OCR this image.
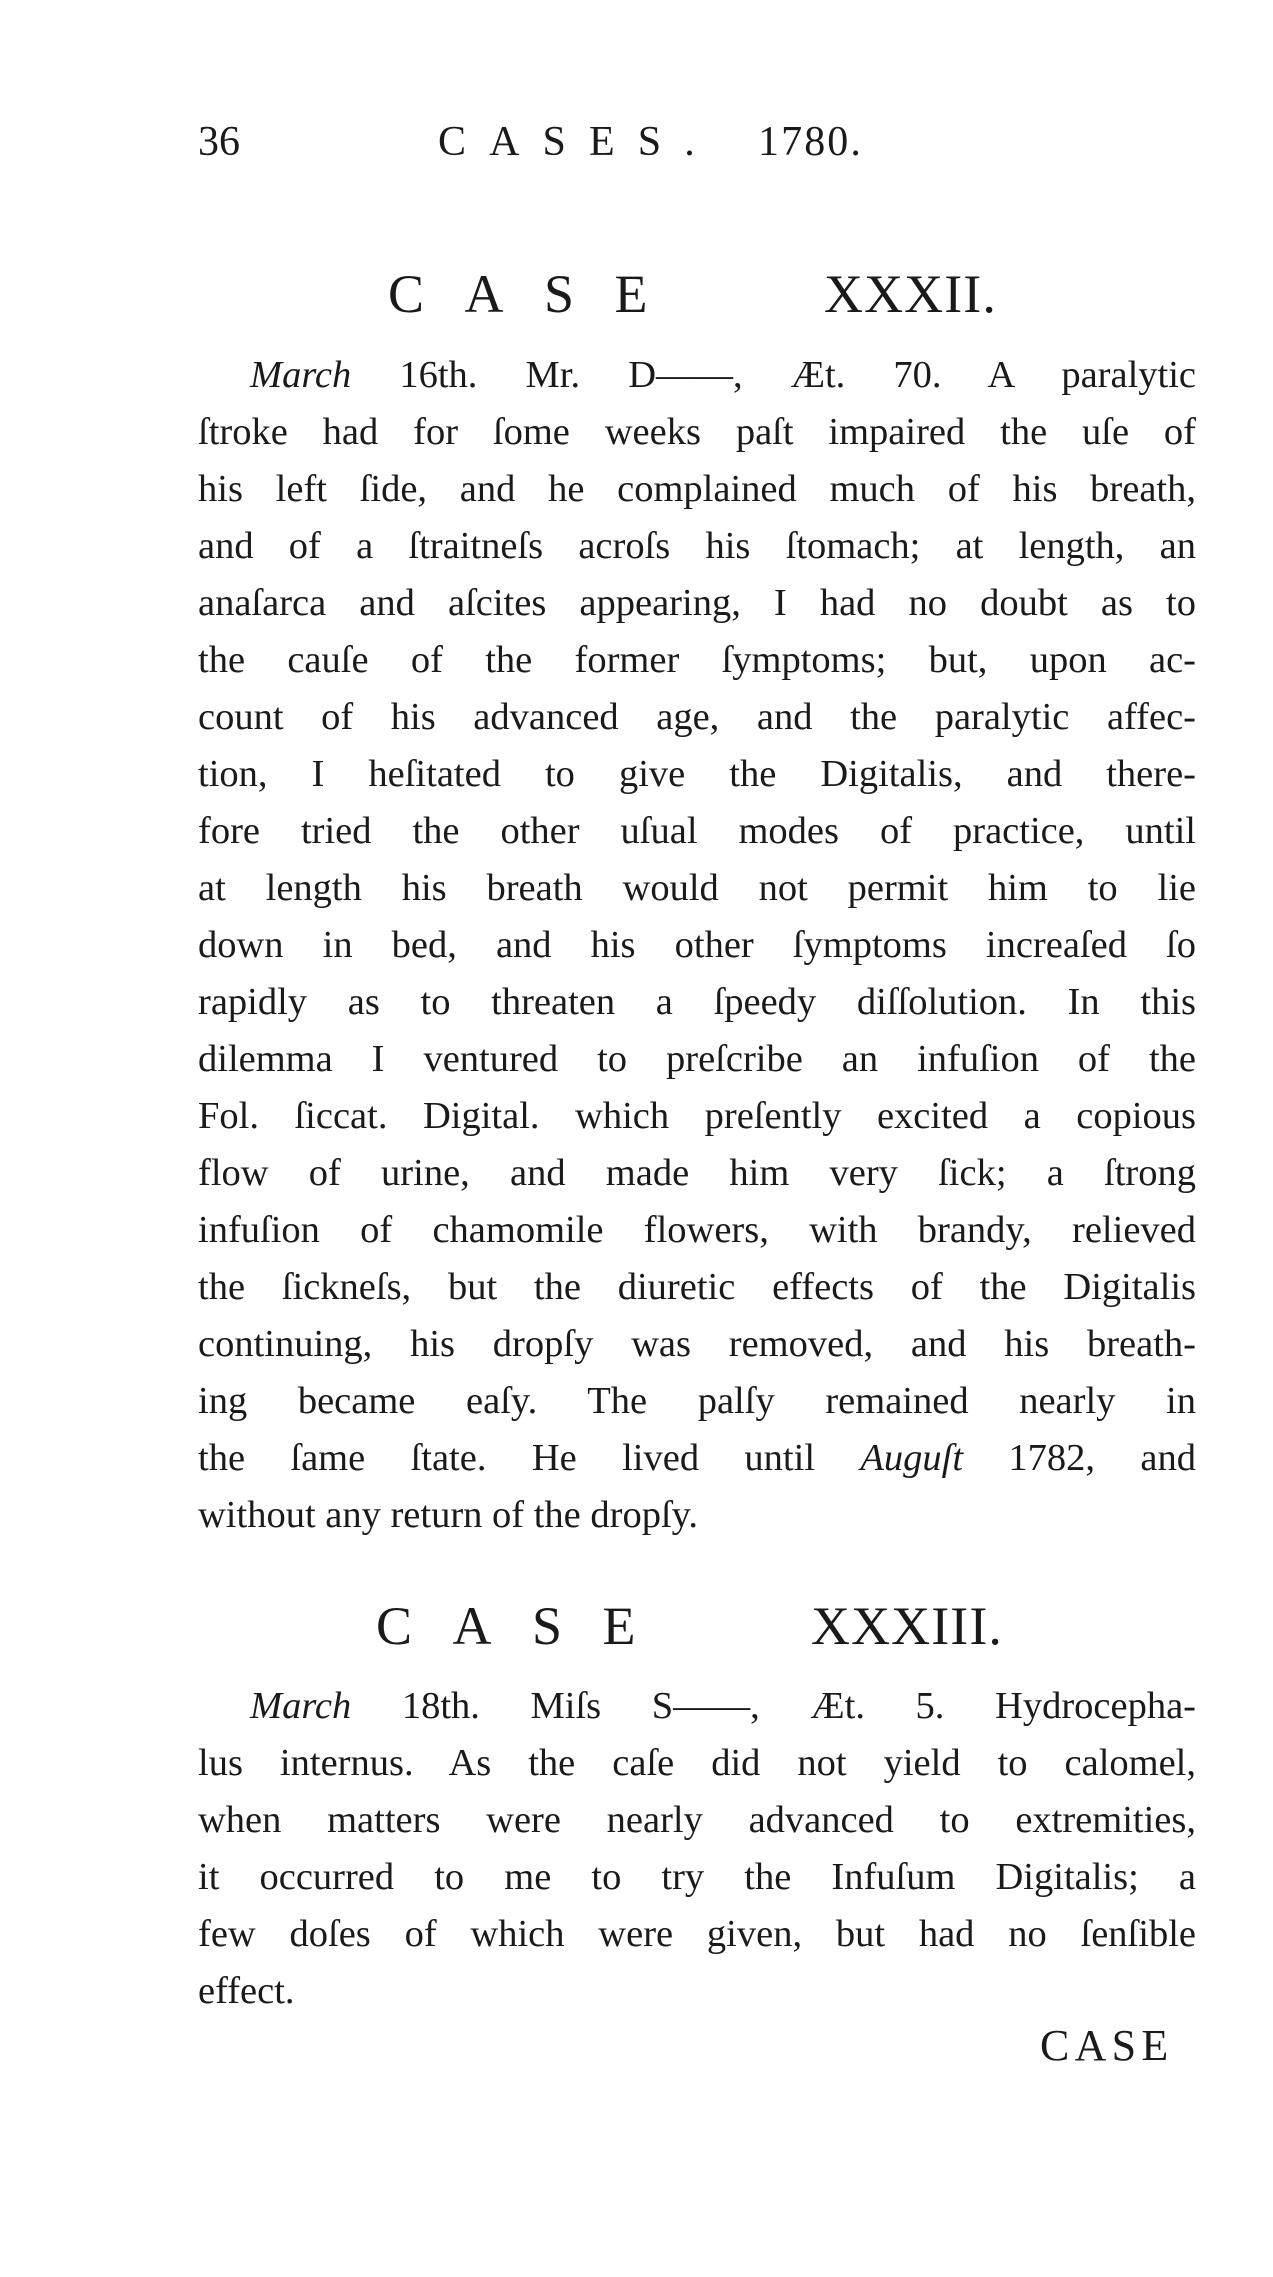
36	CASES. 1780.
CASE	XXXII.
March 16th. Mr. D——, Æt. 70. A paralytic
ſtroke had for ſome weeks paſt impaired the uſe of
his left ſide, and he complained much of his breath,
and of a ſtraitneſs acroſs his ſtomach; at length, an
anaſarca and aſcites appearing, I had no doubt as to
the cauſe of the former ſymptoms; but, upon ac-
count of his advanced age, and the paralytic affec-
tion, I heſitated to give the Digitalis, and there-
fore tried the other uſual modes of practice, until
at length his breath would not permit him to lie
down in bed, and his other ſymptoms increaſed ſo
rapidly as to threaten a ſpeedy diſſolution. In this
dilemma I ventured to preſcribe an infuſion of the
Fol. ſiccat. Digital. which preſently excited a copious
flow of urine, and made him very ſick; a ſtrong
infuſion of chamomile flowers, with brandy, relieved
the ſickneſs, but the diuretic effects of the Digitalis
continuing, his dropſy was removed, and his breath-
ing became eaſy. The palſy remained nearly in
the ſame ſtate. He lived until Auguſt 1782, and
without any return of the dropſy.
CASE XXXIII.
March 18th. Miſs S——, Æt. 5. Hydrocepha-
lus internus. As the caſe did not yield to calomel,
when matters were nearly advanced to extremities,
it occurred to me to try the Infuſum Digitalis; a
few doſes of which were given, but had no ſenſible
effect.
CASE
